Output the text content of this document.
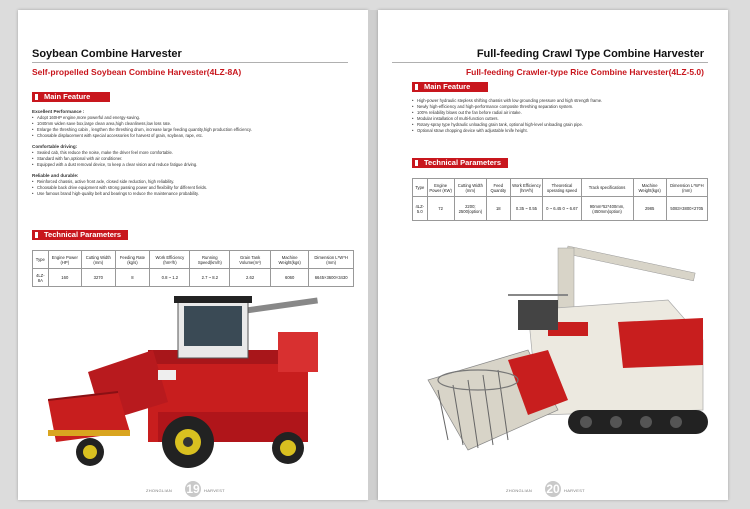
Soybean Combine Harvester
Self-propelled Soybean Combine Harvester(4LZ-8A)
Main Feature
Excellent Performance :
• Adopt 160HP engine,more powerful and energy-saving.
• 1040mm widen save box,large clean area,high cleanliness,low loss rate.
• Enlarge the threshing cabin , lengthen the threshing drum, increase large feeding quantity,high production efficiency.
• Choosable displacement with special accessories for harvest of grain, soybean, rape, etc.
Comfortable driving:
• Sealed cab, this reduce the noise, make the driver feel more comfortable.
• Standard with fan,optional with air conditioner.
• Equipped with a dust removal device, to keep a clear vision and reduce fatigue driving.
Reliable and durable:
• Reinforced chassis, active front axle, closed side reduction, high reliability.
• Choosable back drive equipment with strong passing power and flexibility for different fields.
• Use famous brand high-quality belt and bearings to reduce the maintenance probability.
Technical Parameters
Type	Engine Power (HP)	Cutting Width (mm)	Feeding Rate (kg/s)	Work Efficiency (hm²/h)	Running Speed(km/h)	Grain Tank Volume(m³)	Machine Weight(kgs)	Dimension L*W*H (mm)
4LZ-8A	160	3270	8	0.8 ~ 1.2	2.7 ~ 8.2	2.62	6060	6645×3600×3430
ZHONGLIAN 19	HARVEST
Full-feeding Crawl Type Combine Harvester
Full-feeding Crawler-type Rice Combine Harvester(4LZ-5.0)
Main Feature
• High-power hydraulic stepless shifting chassis with low grounding pressure and high strength frame.
• Newly high-efficiency and high-performance composite threshing separation system.
• 100% reliability blows out the fan before radial air intake.
• Modular installation of multi-function cutters.
• Rotary-spray type hydraulic unloading grain tank, optional high-level unloading grain pipe.
• Optional straw chopping device with adjustable knife height.
Technical Parameters
Type	Engine Power (KW)	Cutting Width (mm)	Feed Quantity	Work Efficiency (hm²/h)	Theoretical operating speed	Track specifications	Machine Weight(kgs)	Dimension L*W*H (mm)
4LZ-5.0	72	2200; 2500(option)	18	0.35 ~ 0.55	0 ~ 6.45 0 ~ 6.67	90mm*52*400mm, (450mm(option)	2985	5083×3800×2705
ZHONGLIAN 20	HARVEST
